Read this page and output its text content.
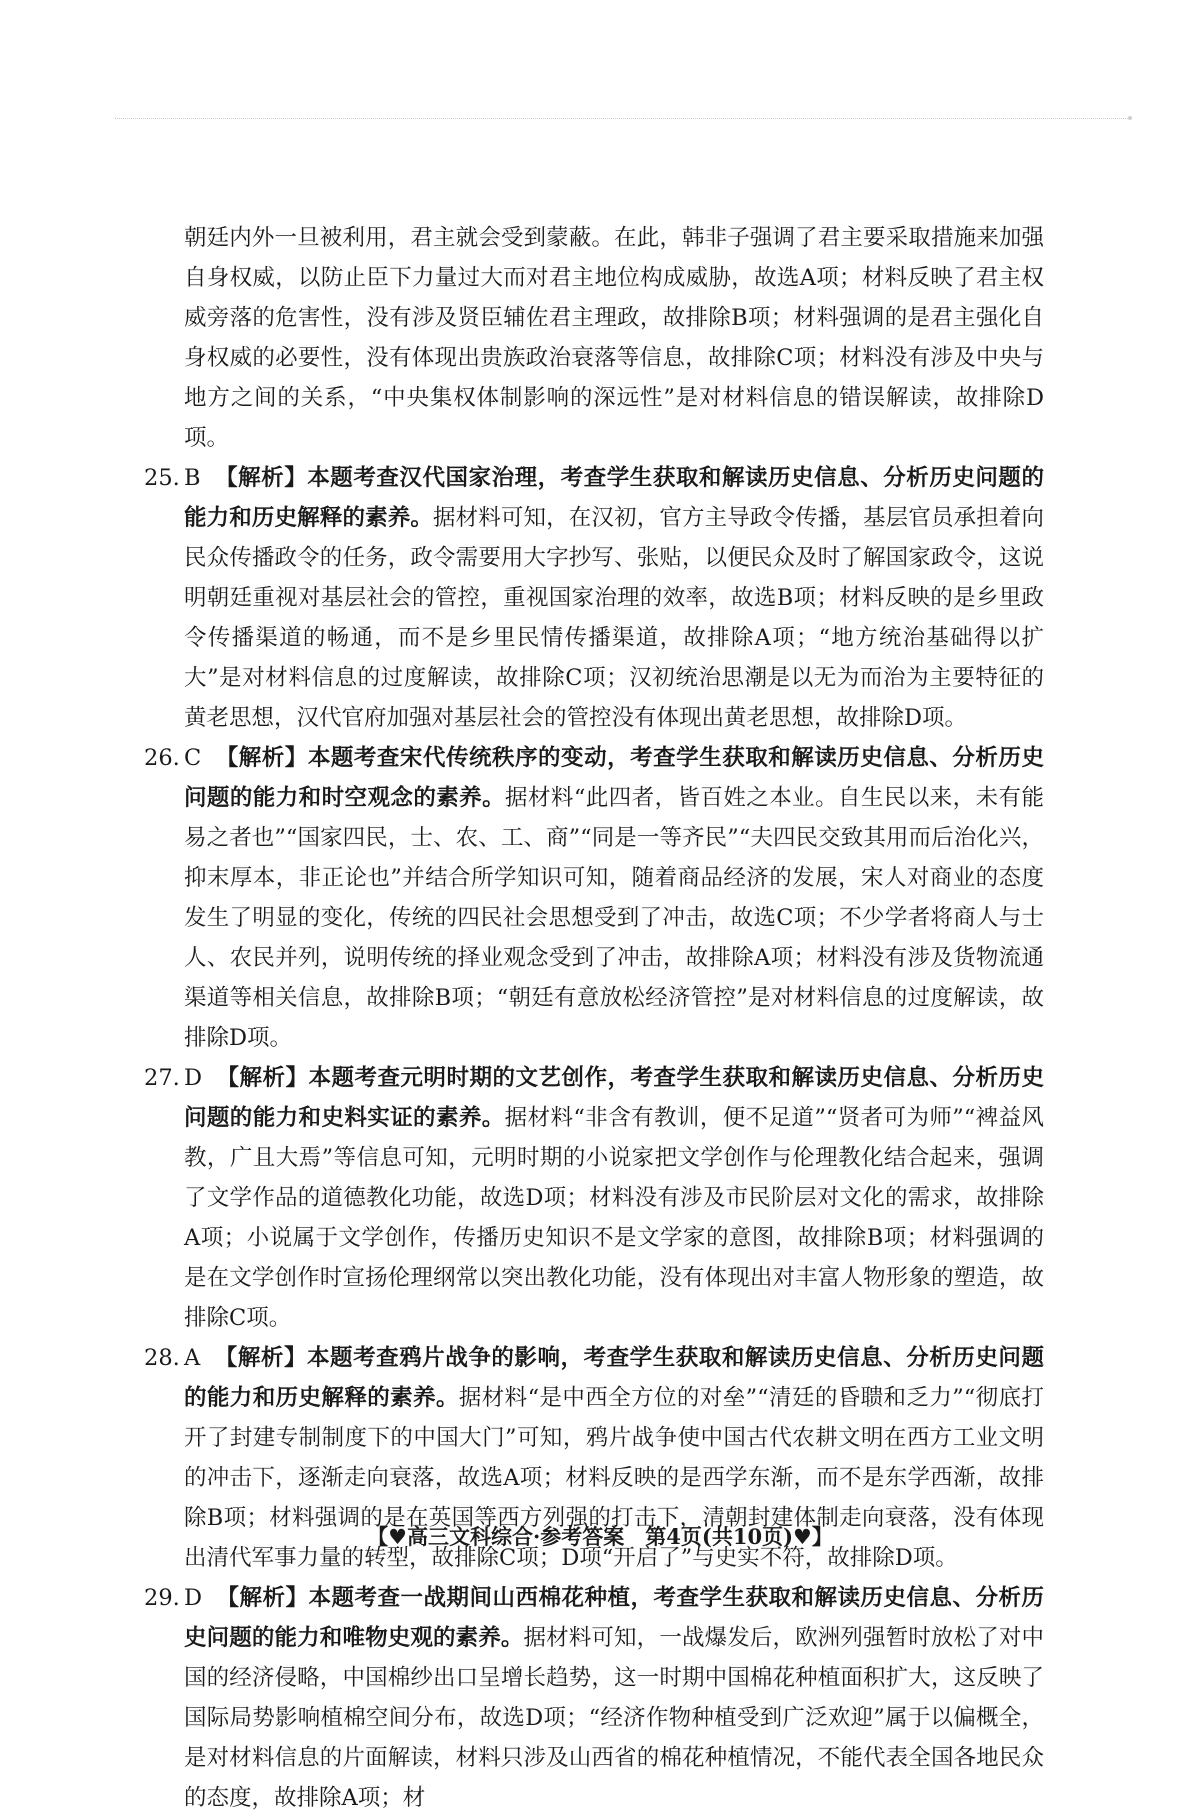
朝廷内外一旦被利用，君主就会受到蒙蔽。在此，韩非子强调了君主要采取措施来加强自身权威，以防止臣下力量过大而对君主地位构成威胁，故选A项；材料反映了君主权威旁落的危害性，没有涉及贤臣辅佐君主理政，故排除B项；材料强调的是君主强化自身权威的必要性，没有体现出贵族政治衰落等信息，故排除C项；材料没有涉及中央与地方之间的关系，“中央集权体制影响的深远性”是对材料信息的错误解读，故排除D项。

25. B 【解析】本题考查汉代国家治理，考查学生获取和解读历史信息、分析历史问题的能力和历史解释的素养。据材料可知，在汉初，官方主导政令传播，基层官员承担着向民众传播政令的任务，政令需要用大字抄写、张贴，以便民众及时了解国家政令，这说明朝廷重视对基层社会的管控，重视国家治理的效率，故选B项；材料反映的是乡里政令传播渠道的畅通，而不是乡里民情传播渠道，故排除A项；“地方统治基础得以扩大”是对材料信息的过度解读，故排除C项；汉初统治思潮是以无为而治为主要特征的黄老思想，汉代官府加强对基层社会的管控没有体现出黄老思想，故排除D项。
26. C 【解析】本题考查宋代传统秩序的变动，考查学生获取和解读历史信息、分析历史问题的能力和时空观念的素养。据材料“此四者，皆百姓之本业。自生民以来，未有能易之者也”“国家四民，士、农、工、商”“同是一等齐民”“夫四民交致其用而后治化兴，抑末厚本，非正论也”并结合所学知识可知，随着商品经济的发展，宋人对商业的态度发生了明显的变化，传统的四民社会思想受到了冲击，故选C项；不少学者将商人与士人、农民并列，说明传统的择业观念受到了冲击，故排除A项；材料没有涉及货物流通渠道等相关信息，故排除B项；“朝廷有意放松经济管控”是对材料信息的过度解读，故排除D项。
27. D 【解析】本题考查元明时期的文艺创作，考查学生获取和解读历史信息、分析历史问题的能力和史料实证的素养。据材料“非含有教训，便不足道”“贤者可为师”“裨益风教，广且大焉”等信息可知，元明时期的小说家把文学创作与伦理教化结合起来，强调了文学作品的道德教化功能，故选D项；材料没有涉及市民阶层对文化的需求，故排除A项；小说属于文学创作，传播历史知识不是文学家的意图，故排除B项；材料强调的是在文学创作时宣扬伦理纲常以突出教化功能，没有体现出对丰富人物形象的塑造，故排除C项。
28. A 【解析】本题考查鸦片战争的影响，考查学生获取和解读历史信息、分析历史问题的能力和历史解释的素养。据材料“是中西全方位的对垒”“清廷的昏聩和乏力”“彻底打开了封建专制制度下的中国大门”可知，鸦片战争使中国古代农耕文明在西方工业文明的冲击下，逐渐走向衰落，故选A项；材料反映的是西学东渐，而不是东学西渐，故排除B项；材料强调的是在英国等西方列强的打击下，清朝封建体制走向衰落，没有体现出清代军事力量的转型，故排除C项；D项“开启了”与史实不符，故排除D项。
29. D 【解析】本题考查一战期间山西棉花种植，考查学生获取和解读历史信息、分析历史问题的能力和唯物史观的素养。据材料可知，一战爆发后，欧洲列强暂时放松了对中国的经济侵略，中国棉纱出口呈增长趋势，这一时期中国棉花种植面积扩大，这反映了国际局势影响植棉空间分布，故选D项；“经济作物种植受到广泛欢迎”属于以偏概全，是对材料信息的片面解读，材料只涉及山西省的棉花种植情况，不能代表全国各地民众的态度，故排除A项；材
【♥高三文科综合·参考答案　第4页(共10页)♥】
